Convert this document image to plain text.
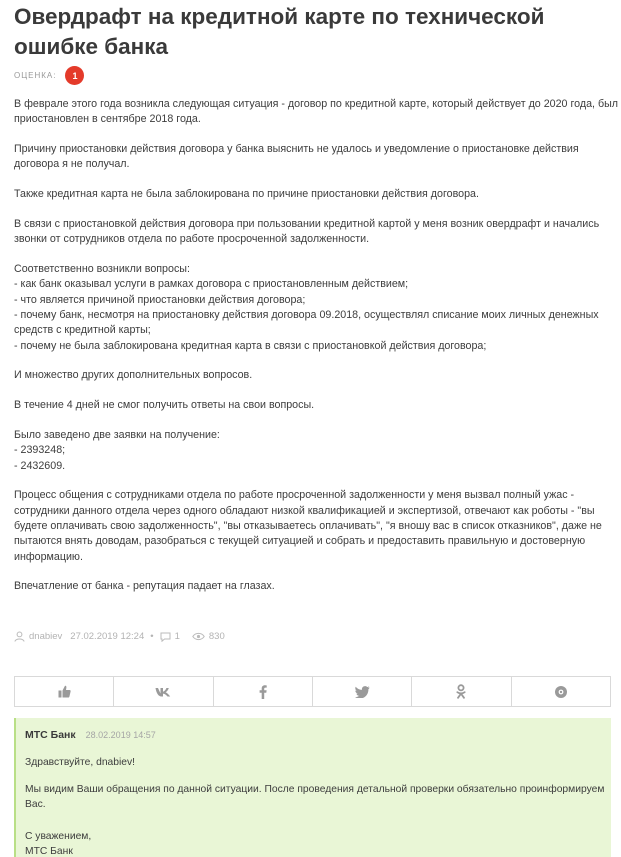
Овердрафт на кредитной карте по технической ошибке банка
ОЦЕНКА:	1

В феврале этого года возникла следующая ситуация - договор по кредитной карте, который действует до 2020 года, был
приостановлен в сентябре 2018 года.

Причину приостановки действия договора у банка выяснить не удалось и уведомление о приостановке действия
договора я не получал.

Также кредитная карта не была заблокирована по причине приостановки действия договора.

В связи с приостановкой действия договора при пользовании кредитной картой у меня возник овердрафт и начались
звонки от сотрудников отдела по работе просроченной задолженности.

Соответственно возникли вопросы:
- как банк оказывал услуги в рамках договора с приостановленным действием;
- что является причиной приостановки действия договора;
- почему банк, несмотря на приостановку действия договора 09.2018, осуществлял списание моих личных денежных
средств с кредитной карты;
- почему не была заблокирована кредитная карта в связи с приостановкой действия договора;

И множество других дополнительных вопросов.

В течение 4 дней не смог получить ответы на свои вопросы.

Было заведено две заявки на получение:
- 2393248;
- 2432609.

Процесс общения с сотрудниками отдела по работе просроченной задолженности у меня вызвал полный ужас -
сотрудники данного отдела через одного обладают низкой квалификацией и экспертизой, отвечают как роботы - "вы
будете оплачивать свою задолженность", "вы отказываетесь оплачивать", "я вношу вас в список отказников", даже не
пытаются внять доводам, разобраться с текущей ситуацией и собрать и предоставить правильную и достоверную
информацию.

Впечатление от банка - репутация падает на глазах.

dnabiev 27.02.2019 12:24 • 1	830
МТС Банк 28.02.2019 14:57
Здравствуйте, dnabiev!
Мы видим Ваши обращения по данной ситуации. После проведения детальной проверки обязательно проинформируем Вас.
С уважением,
МТС Банк
